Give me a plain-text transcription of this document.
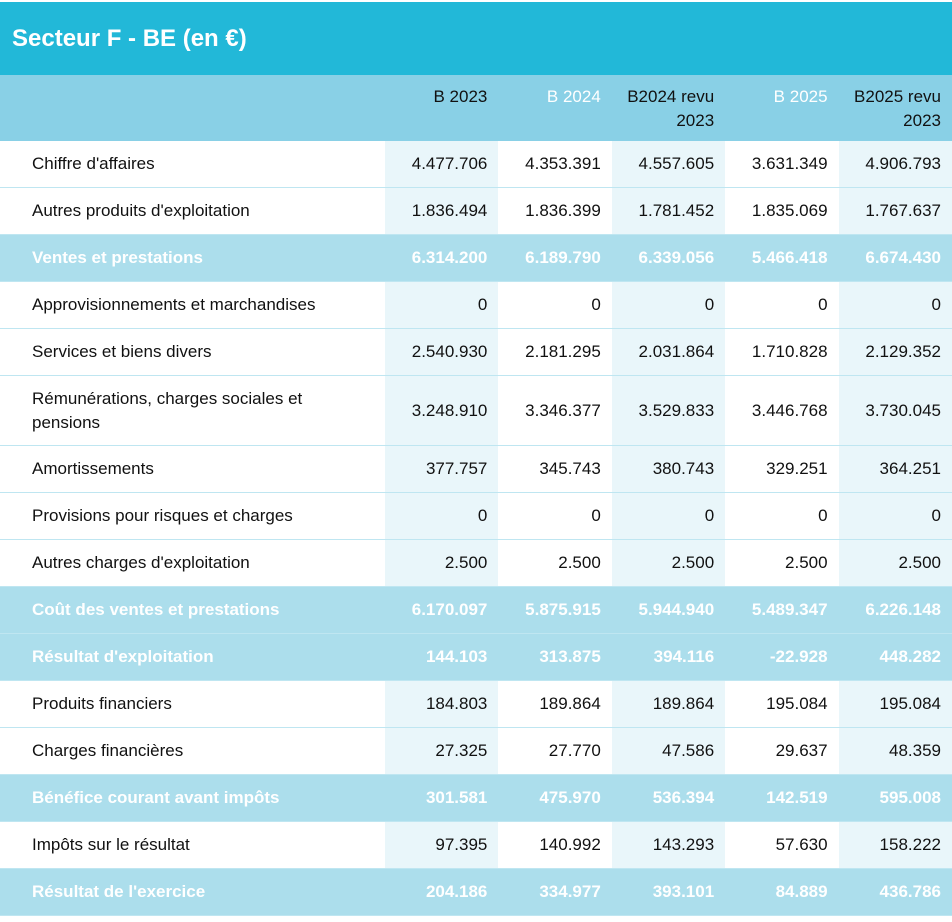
Secteur F - BE (en €)
	B 2023	B 2024	B2024 revu 2023	B 2025	B2025 revu 2023
Chiffre d'affaires	4.477.706	4.353.391	4.557.605	3.631.349	4.906.793
Autres produits d'exploitation	1.836.494	1.836.399	1.781.452	1.835.069	1.767.637
Ventes et prestations	6.314.200	6.189.790	6.339.056	5.466.418	6.674.430
Approvisionnements et marchandises	0	0	0	0	0
Services et biens divers	2.540.930	2.181.295	2.031.864	1.710.828	2.129.352
Rémunérations, charges sociales et pensions	3.248.910	3.346.377	3.529.833	3.446.768	3.730.045
Amortissements	377.757	345.743	380.743	329.251	364.251
Provisions pour risques et charges	0	0	0	0	0
Autres charges d'exploitation	2.500	2.500	2.500	2.500	2.500
Coût des ventes et prestations	6.170.097	5.875.915	5.944.940	5.489.347	6.226.148
Résultat d'exploitation	144.103	313.875	394.116	-22.928	448.282
Produits financiers	184.803	189.864	189.864	195.084	195.084
Charges financières	27.325	27.770	47.586	29.637	48.359
Bénéfice courant avant impôts	301.581	475.970	536.394	142.519	595.008
Impôts sur le résultat	97.395	140.992	143.293	57.630	158.222
Résultat de l'exercice	204.186	334.977	393.101	84.889	436.786
